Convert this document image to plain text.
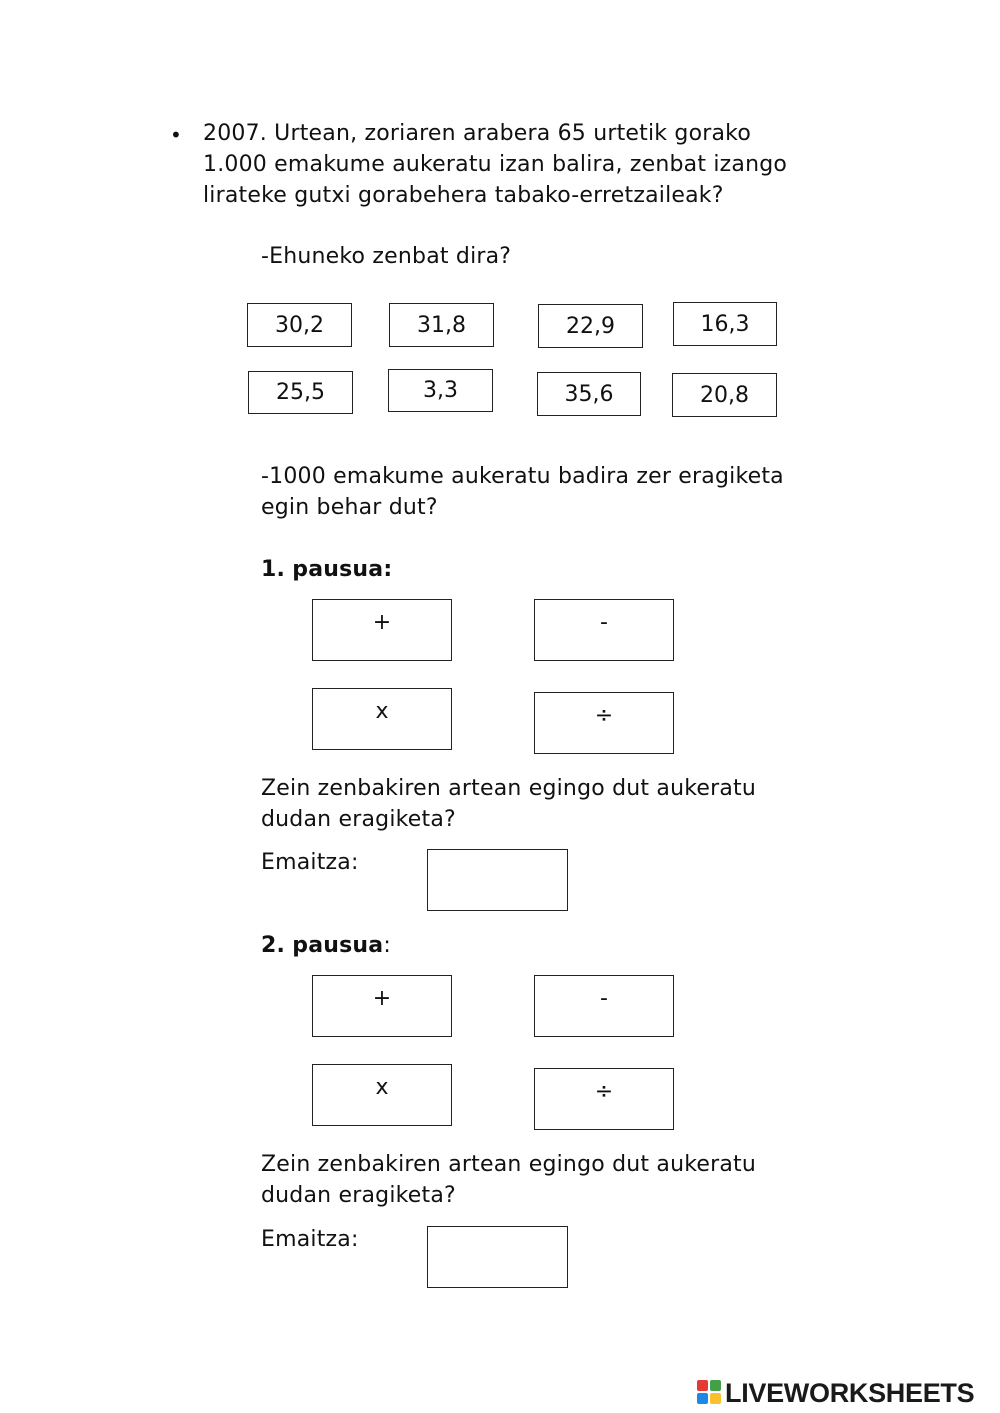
• 2007. Urtean, zoriaren arabera 65 urtetik gorako
1.000 emakume aukeratu izan balira, zenbat izango
lirateke gutxi gorabehera tabako-erretzaileak?
-Ehuneko zenbat dira?
30,2	31,8	22,9	16,3
25,5	3,3	35,6	20,8
-1000 emakume aukeratu badira zer eragiketa
egin behar dut?
1. pausua:
+	-
x	÷
Zein zenbakiren artean egingo dut aukeratu
dudan eragiketa?
Emaitza:
2. pausua:
+	-
x	÷
Zein zenbakiren artean egingo dut aukeratu
dudan eragiketa?
Emaitza:
LIVEWORKSHEETS
